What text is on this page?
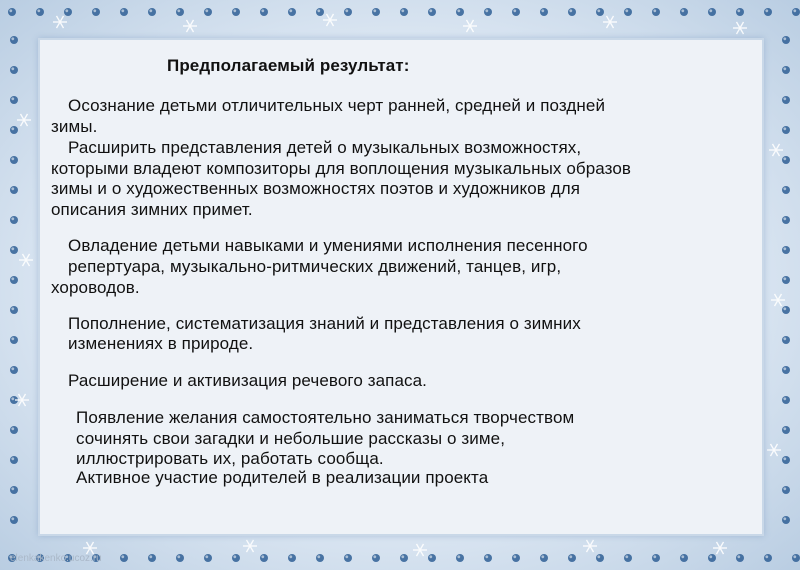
Предполагаемый результат:
Осознание детьми отличительных черт ранней, средней и поздней
зимы.
Расширить представления детей о музыкальных возможностях,
которыми владеют композиторы для воплощения музыкальных образов
зимы и о художественных возможностях поэтов и художников для
описания зимних примет.
Овладение детьми навыками и умениями исполнения песенного
репертуара, музыкально-ритмических движений, танцев, игр,
хороводов.
Пополнение, систематизация знаний и представления о зимних
изменениях в природе.
Расширение и активизация речевого запаса.
Появление желания самостоятельно заниматься творчеством
сочинять свои загадки и небольшие рассказы о зиме,
иллюстрировать их, работать сообща.
Активное участие родителей в реализации проекта
elenkakenko.ucoz.ru
